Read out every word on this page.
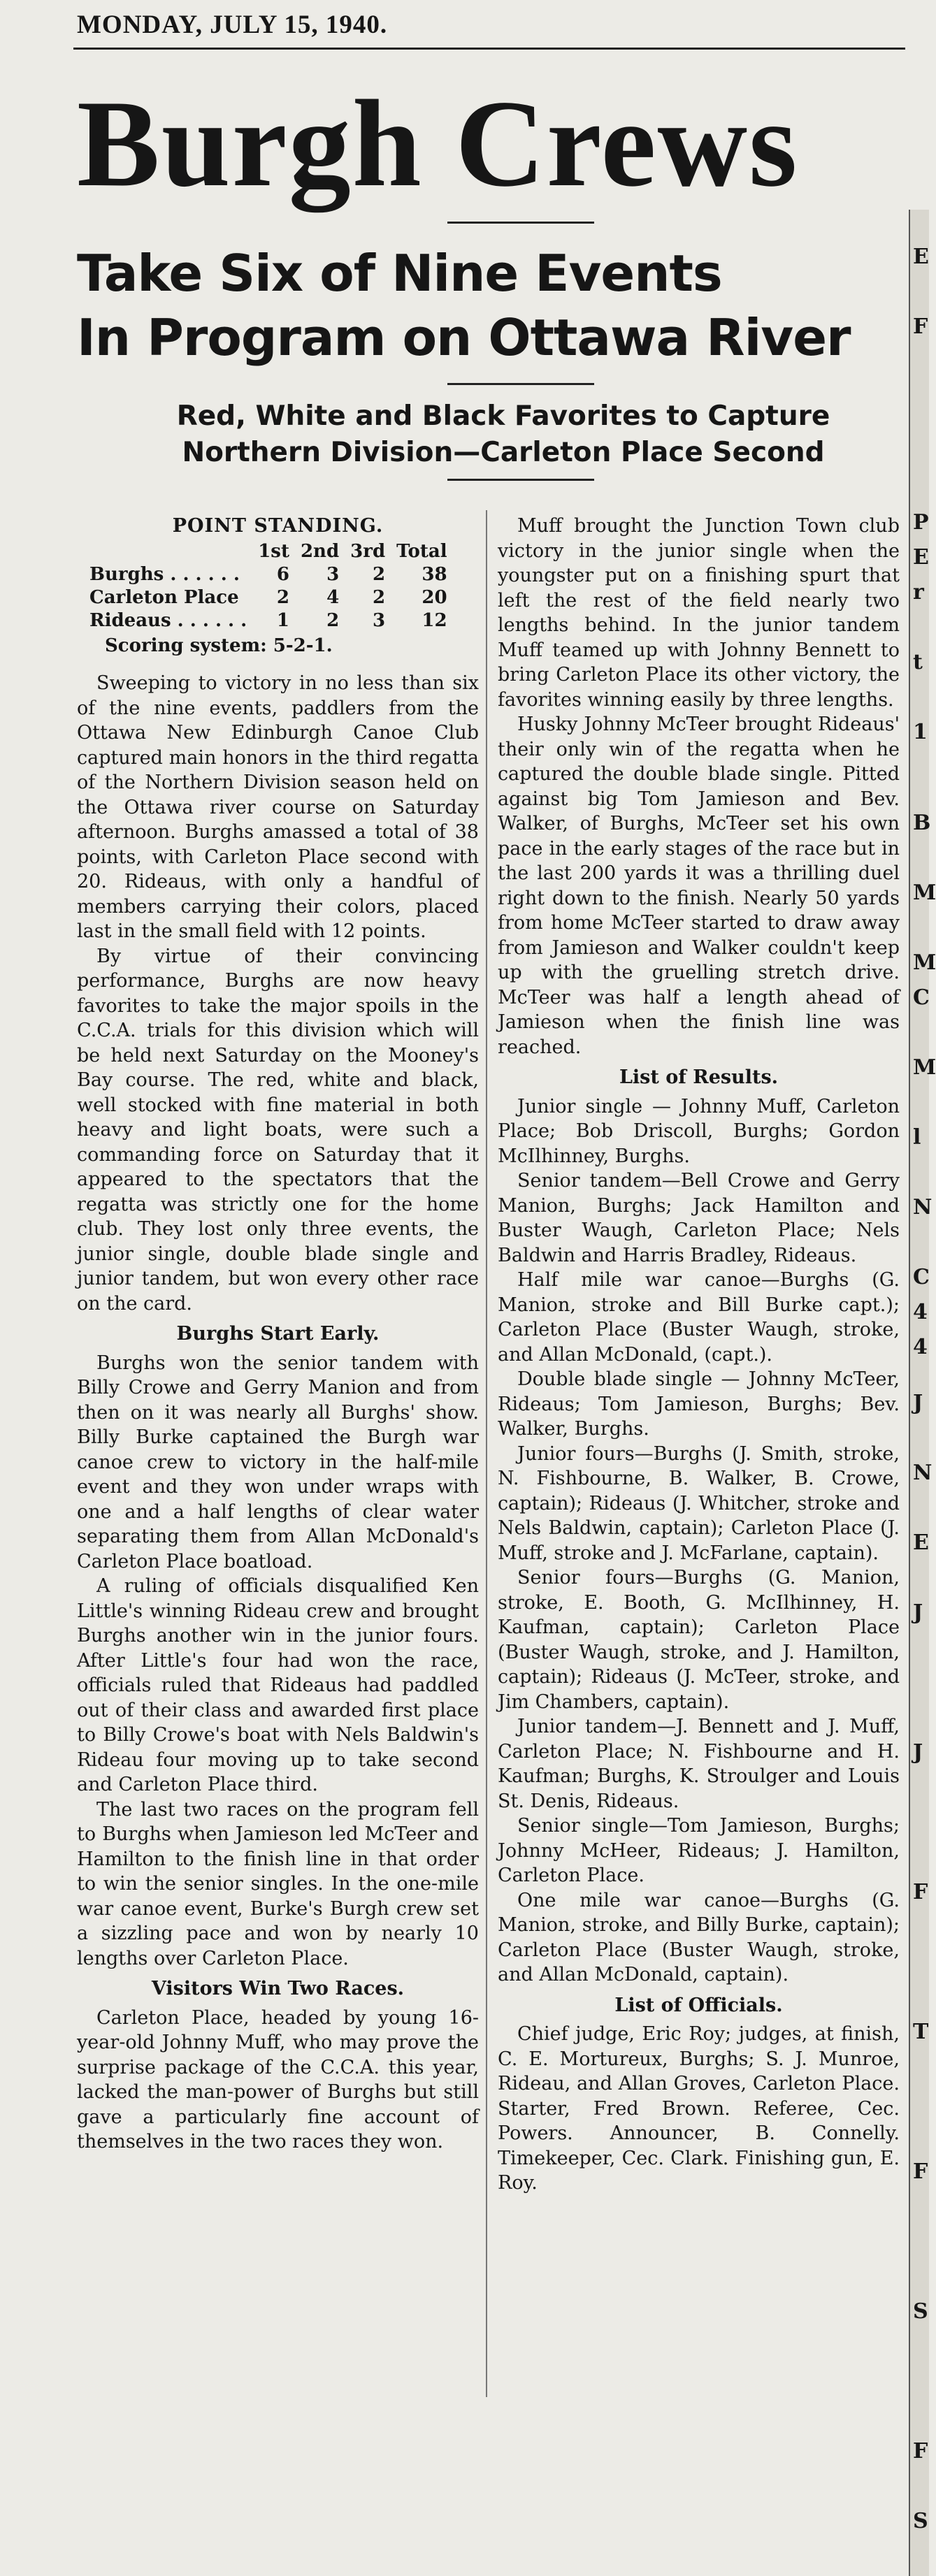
MONDAY, JULY 15, 1940.
Burgh Crews
Take Six of Nine Events
In Program on Ottawa River
Red, White and Black Favorites to Capture
Northern Division—Carleton Place Second
POINT STANDING.
	1st	2nd	3rd	Total
Burghs . . . . . .	6	3	2	38
Carleton Place	2	4	2	20
Rideaus . . . . . .	1	2	3	12
Scoring system: 5-2-1.

Sweeping to victory in no less than six of the nine events, paddlers from the Ottawa New Edinburgh Canoe Club captured main honors in the third regatta of the Northern Division season held on the Ottawa river course on Saturday afternoon. Burghs amassed a total of 38 points, with Carleton Place second with 20. Rideaus, with only a handful of members carrying their colors, placed last in the small field with 12 points.

By virtue of their convincing performance, Burghs are now heavy favorites to take the major spoils in the C.C.A. trials for this division which will be held next Saturday on the Mooney's Bay course. The red, white and black, well stocked with fine material in both heavy and light boats, were such a commanding force on Saturday that it appeared to the spectators that the regatta was strictly one for the home club. They lost only three events, the junior single, double blade single and junior tandem, but won every other race on the card.

Burghs Start Early.

Burghs won the senior tandem with Billy Crowe and Gerry Manion and from then on it was nearly all Burghs' show. Billy Burke captained the Burgh war canoe crew to victory in the half-mile event and they won under wraps with one and a half lengths of clear water separating them from Allan McDonald's Carleton Place boatload.

A ruling of officials disqualified Ken Little's winning Rideau crew and brought Burghs another win in the junior fours. After Little's four had won the race, officials ruled that Rideaus had paddled out of their class and awarded first place to Billy Crowe's boat with Nels Baldwin's Rideau four moving up to take second and Carleton Place third.

The last two races on the program fell to Burghs when Jamieson led McTeer and Hamilton to the finish line in that order to win the senior singles. In the one-mile war canoe event, Burke's Burgh crew set a sizzling pace and won by nearly 10 lengths over Carleton Place.

Visitors Win Two Races.

Carleton Place, headed by young 16-year-old Johnny Muff, who may prove the surprise package of the C.C.A. this year, lacked the man-power of Burghs but still gave a particularly fine account of themselves in the two races they won.

Muff brought the Junction Town club victory in the junior single when the youngster put on a finishing spurt that left the rest of the field nearly two lengths behind. In the junior tandem Muff teamed up with Johnny Bennett to bring Carleton Place its other victory, the favorites winning easily by three lengths.

Husky Johnny McTeer brought Rideaus' their only win of the regatta when he captured the double blade single. Pitted against big Tom Jamieson and Bev. Walker, of Burghs, McTeer set his own pace in the early stages of the race but in the last 200 yards it was a thrilling duel right down to the finish. Nearly 50 yards from home McTeer started to draw away from Jamieson and Walker couldn't keep up with the gruelling stretch drive. McTeer was half a length ahead of Jamieson when the finish line was reached.

List of Results.

Junior single — Johnny Muff, Carleton Place; Bob Driscoll, Burghs; Gordon McIlhinney, Burghs.

Senior tandem—Bell Crowe and Gerry Manion, Burghs; Jack Hamilton and Buster Waugh, Carleton Place; Nels Baldwin and Harris Bradley, Rideaus.

Half mile war canoe—Burghs (G. Manion, stroke and Bill Burke capt.); Carleton Place (Buster Waugh, stroke, and Allan McDonald, (capt.).

Double blade single — Johnny McTeer, Rideaus; Tom Jamieson, Burghs; Bev. Walker, Burghs.

Junior fours—Burghs (J. Smith, stroke, N. Fishbourne, B. Walker, B. Crowe, captain); Rideaus (J. Whitcher, stroke and Nels Baldwin, captain); Carleton Place (J. Muff, stroke and J. McFarlane, captain).

Senior fours—Burghs (G. Manion, stroke, E. Booth, G. McIlhinney, H. Kaufman, captain); Carleton Place (Buster Waugh, stroke, and J. Hamilton, captain); Rideaus (J. McTeer, stroke, and Jim Chambers, captain).

Junior tandem—J. Bennett and J. Muff, Carleton Place; N. Fishbourne and H. Kaufman; Burghs, K. Stroulger and Louis St. Denis, Rideaus.

Senior single—Tom Jamieson, Burghs; Johnny McHeer, Rideaus; J. Hamilton, Carleton Place.

One mile war canoe—Burghs (G. Manion, stroke, and Billy Burke, captain); Carleton Place (Buster Waugh, stroke, and Allan McDonald, captain).

List of Officials.

Chief judge, Eric Roy; judges, at finish, C. E. Mortureux, Burghs; S. J. Munroe, Rideau, and Allan Groves, Carleton Place. Starter, Fred Brown. Referee, Cec. Powers. Announcer, B. Connelly. Timekeeper, Cec. Clark. Finishing gun, E. Roy.

E
F
P
E
r
t
1
B
M
M
C
M
l
N
C
4
4
J
N
E
J
J
F
T
F
S
F
S
